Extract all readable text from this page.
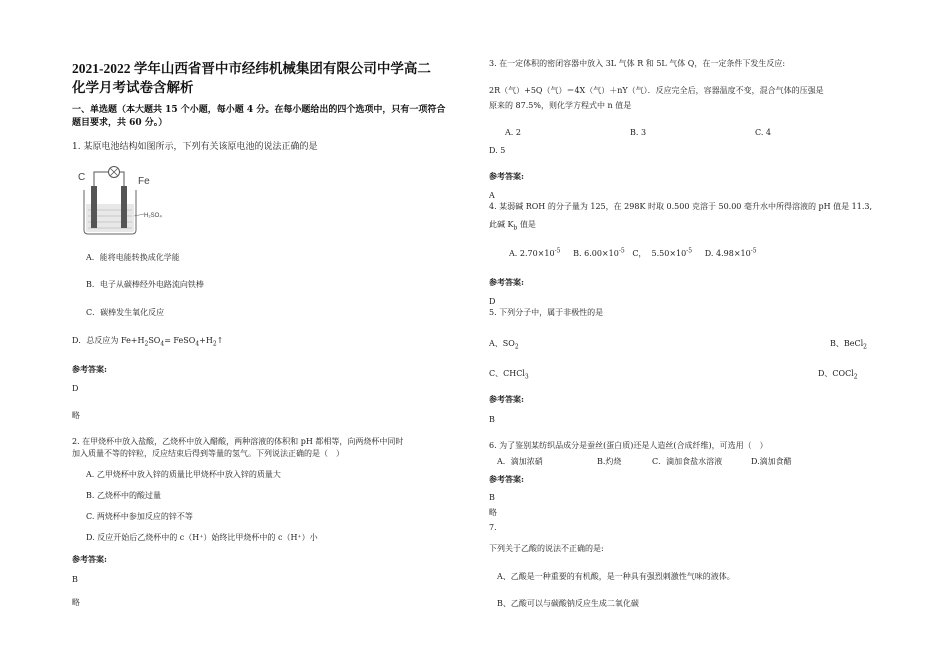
2021-2022 学年山西省晋中市经纬机械集团有限公司中学高二
化学月考试卷含解析
一、单选题（本大题共 15 个小题，每小题 4 分。在每小题给出的四个选项中，只有一项符合
题目要求，共 60 分。）
1. 某原电池结构如图所示，下列有关该原电池的说法正确的是
C	Fe
H₂SO₄
A．能将电能转换成化学能
B．电子从碳棒经外电路流向铁棒
C．碳棒发生氧化反应
D．总反应为 $Fe+H_2SO_4=$ $FeSO_4+H_2↑$
参考答案:
D
略
2. 在甲烧杯中放入盐酸，乙烧杯中放入醋酸，两种溶液的体积和 pH 都相等，向两烧杯中同时
加入质量不等的锌粒，反应结束后得到等量的氢气。下列说法正确的是（　）
A. 乙甲烧杯中放入锌的质量比甲烧杯中放入锌的质量大
B. 乙烧杯中的酸过量
C. 两烧杯中参加反应的锌不等
D. 反应开始后乙烧杯中的 c（H⁺）始终比甲烧杯中的 c（H⁺）小
参考答案:
B
略
3. 在一定体积的密闭容器中放入 3L 气体 R 和 5L 气体 Q，在一定条件下发生反应:
2R（气）+5Q（气）＝4X（气）＋nY（气）．反应完全后，容器温度不变，混合气体的压强是
原来的 87.5%，则化学方程式中 n 值是
A. 2	B. 3	C. 4
D. 5
参考答案:
A
4. 某弱碱 ROH 的分子量为 125，在 298K 时取 0.500 克溶于 50.00 毫升水中所得溶液的 pH 值是 11.3,
此碱 $K_b$ 值是
A. $2.70\times 10^{-5}$ B. $6.00\times 10^{-5}$ C，  $5.50\times 10^{-5}$ D. $4.98\times 10^{-5}$
参考答案:
D
5. 下列分子中，属于非极性的是
A、$SO_2$	B、BeCl$_2$
C、CHCl$_3$	D、COCl$_2$
参考答案:
B
6. 为了鉴别某纺织品成分是蚕丝(蛋白质)还是人造丝(合成纤维)，可选用（　）
A．滴加浓硝	B.灼烧	C．滴加食盐水溶液	D.滴加食醋
参考答案:
B
略
7.
下列关于乙酸的说法不正确的是:
A、乙酸是一种重要的有机酸，是一种具有强烈刺激性气味的液体。
B、乙酸可以与碳酸钠反应生成二氧化碳
